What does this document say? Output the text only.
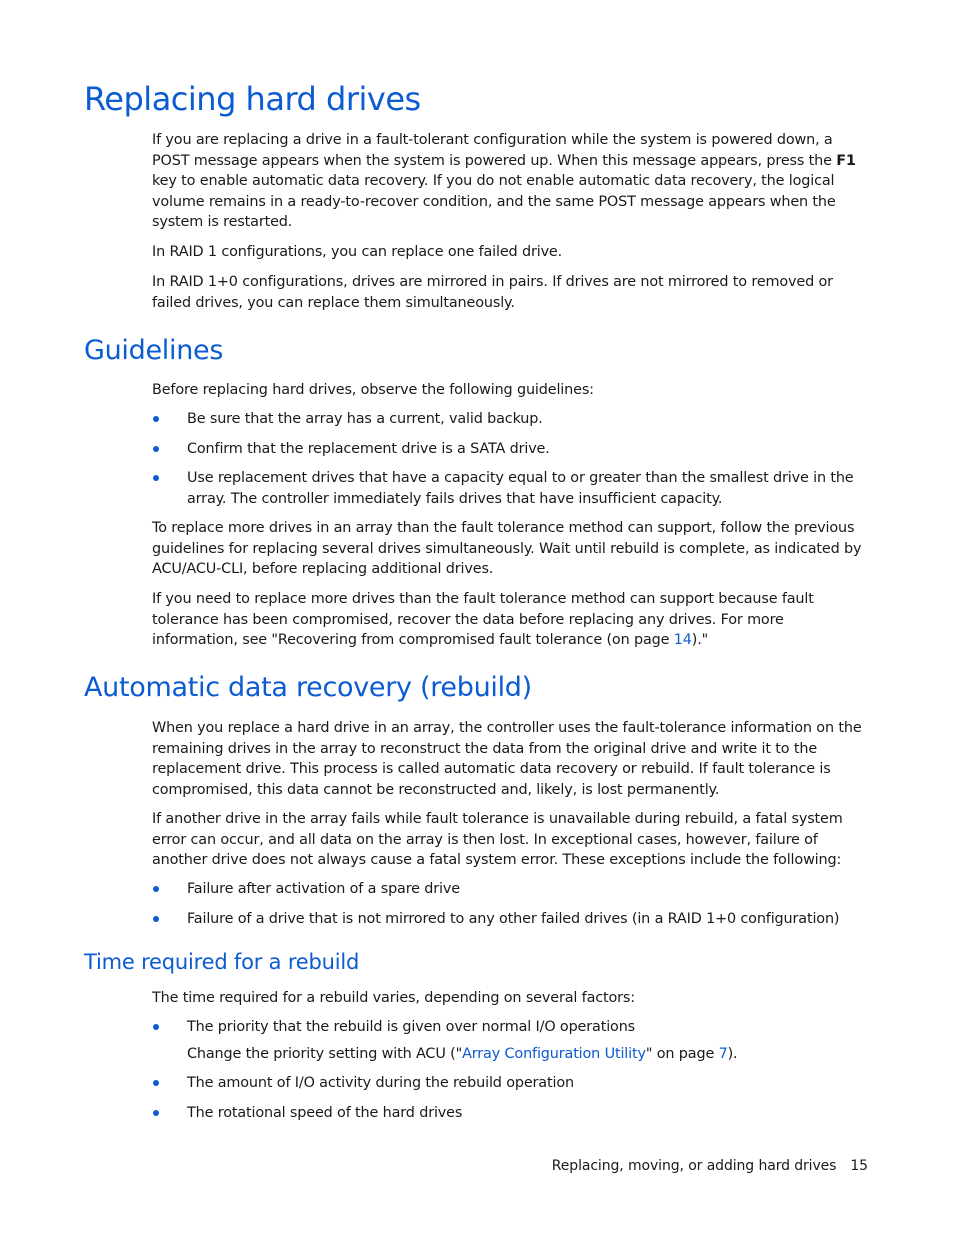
Replacing hard drives

If you are replacing a drive in a fault-tolerant configuration while the system is powered down, a POST message appears when the system is powered up. When this message appears, press the F1 key to enable automatic data recovery. If you do not enable automatic data recovery, the logical volume remains in a ready-to-recover condition, and the same POST message appears when the system is restarted.

In RAID 1 configurations, you can replace one failed drive.

In RAID 1+0 configurations, drives are mirrored in pairs. If drives are not mirrored to removed or failed drives, you can replace them simultaneously.

Guidelines

Before replacing hard drives, observe the following guidelines:

Be sure that the array has a current, valid backup.
Confirm that the replacement drive is a SATA drive.
Use replacement drives that have a capacity equal to or greater than the smallest drive in the array. The controller immediately fails drives that have insufficient capacity.

To replace more drives in an array than the fault tolerance method can support, follow the previous guidelines for replacing several drives simultaneously. Wait until rebuild is complete, as indicated by ACU/ACU-CLI, before replacing additional drives.

If you need to replace more drives than the fault tolerance method can support because fault tolerance has been compromised, recover the data before replacing any drives. For more information, see "Recovering from compromised fault tolerance (on page 14)."

Automatic data recovery (rebuild)

When you replace a hard drive in an array, the controller uses the fault-tolerance information on the remaining drives in the array to reconstruct the data from the original drive and write it to the replacement drive. This process is called automatic data recovery or rebuild. If fault tolerance is compromised, this data cannot be reconstructed and, likely, is lost permanently.

If another drive in the array fails while fault tolerance is unavailable during rebuild, a fatal system error can occur, and all data on the array is then lost. In exceptional cases, however, failure of another drive does not always cause a fatal system error. These exceptions include the following:

Failure after activation of a spare drive
Failure of a drive that is not mirrored to any other failed drives (in a RAID 1+0 configuration)
Time required for a rebuild

The time required for a rebuild varies, depending on several factors:

The priority that the rebuild is given over normal I/O operations
Change the priority setting with ACU ("Array Configuration Utility" on page 7).
The amount of I/O activity during the rebuild operation
The rotational speed of the hard drives
Replacing, moving, or adding hard drives 15
